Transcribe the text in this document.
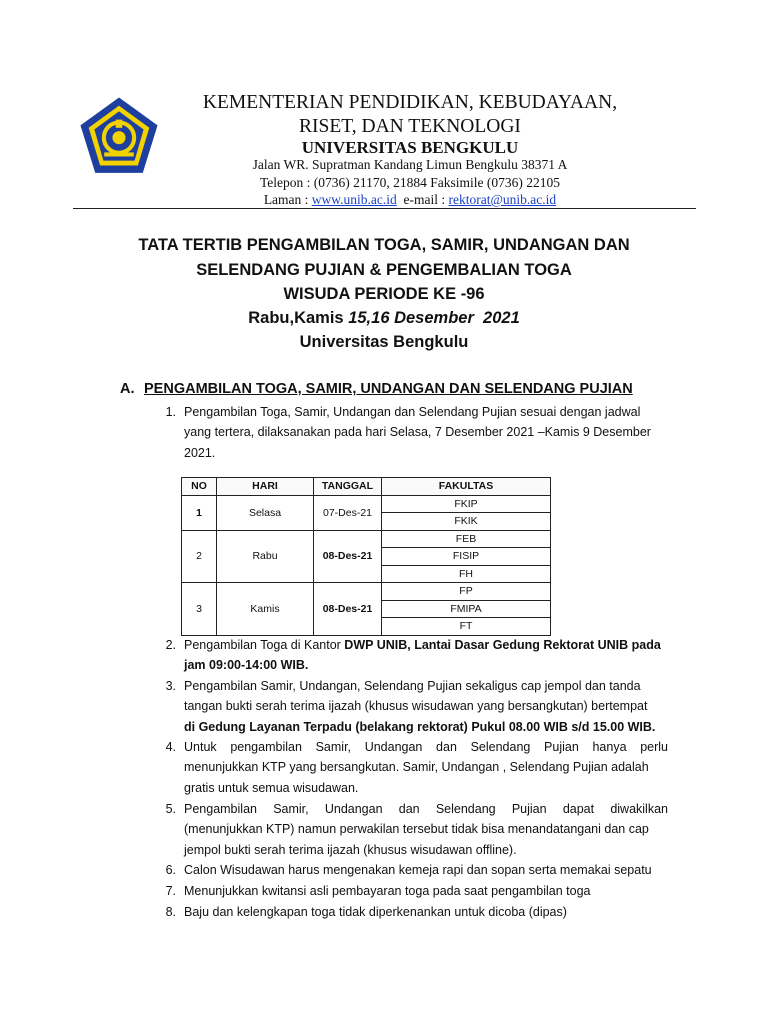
KEMENTERIAN PENDIDIKAN, KEBUDAYAAN,
RISET, DAN TEKNOLOGI
UNIVERSITAS BENGKULU
Jalan WR. Supratman Kandang Limun Bengkulu 38371 A
Telepon : (0736) 21170, 21884 Faksimile (0736) 22105
Laman : www.unib.ac.id  e-mail : rektorat@unib.ac.id
TATA TERTIB PENGAMBILAN TOGA, SAMIR, UNDANGAN DAN
SELENDANG PUJIAN & PENGEMBALIAN TOGA
WISUDA PERIODE KE -96
Rabu,Kamis 15,16 Desember  2021
Universitas Bengkulu
A. PENGAMBILAN TOGA, SAMIR, UNDANGAN DAN SELENDANG PUJIAN
1. Pengambilan Toga, Samir, Undangan dan Selendang Pujian sesuai dengan jadwal
yang tertera, dilaksanakan pada hari Selasa, 7 Desember 2021 –Kamis 9 Desember
2021.
NO	HARI	TANGGAL	FAKULTAS
1	Selasa	07-Des-21	FKIP
			FKIK
2	Rabu	08-Des-21	FEB
			FISIP
			FH
3	Kamis	08-Des-21	FP
			FMIPA
			FT
2. Pengambilan Toga di Kantor DWP UNIB, Lantai Dasar Gedung Rektorat UNIB pada
jam 09:00-14:00 WIB.
3. Pengambilan Samir, Undangan, Selendang Pujian sekaligus cap jempol dan tanda
tangan bukti serah terima ijazah (khusus wisudawan yang bersangkutan) bertempat
di Gedung Layanan Terpadu (belakang rektorat) Pukul 08.00 WIB s/d 15.00 WIB.
4. Untuk pengambilan Samir, Undangan dan Selendang Pujian hanya perlu
menunjukkan KTP yang bersangkutan. Samir, Undangan , Selendang Pujian adalah
gratis untuk semua wisudawan.
5. Pengambilan Samir, Undangan dan Selendang Pujian dapat diwakilkan
(menunjukkan KTP) namun perwakilan tersebut tidak bisa menandatangani dan cap
jempol bukti serah terima ijazah (khusus wisudawan offline).
6. Calon Wisudawan harus mengenakan kemeja rapi dan sopan serta memakai sepatu
7. Menunjukkan kwitansi asli pembayaran toga pada saat pengambilan toga
8. Baju dan kelengkapan toga tidak diperkenankan untuk dicoba (dipas)
